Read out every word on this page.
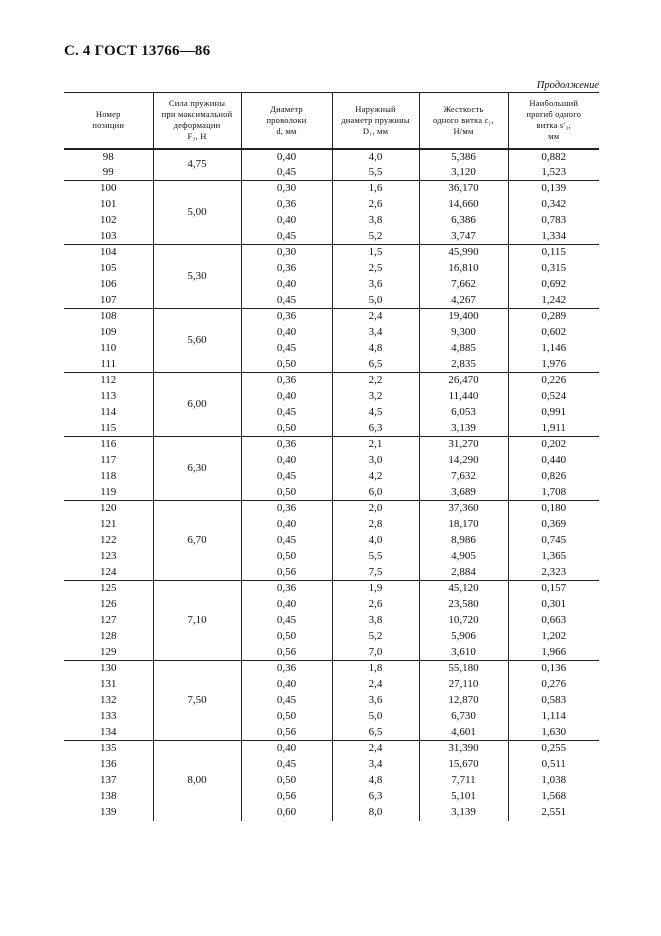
С. 4 ГОСТ 13766—86
Продолжение
Номер
позиции	Сила пружины
при максимальной
деформации
F₃, Н	Диаметр
проволоки
d, мм	Наружный
диаметр пружины
D₁, мм	Жесткость
одного витка c₁,
Н/мм	Наибольший
прогиб одного
витка s′₃,
мм

98	4,75	0,40	4,0	5,386	0,882
99		0,45	5,5	3,120	1,523
100	5,00	0,30	1,6	36,170	0,139
101		0,36	2,6	14,660	0,342
102		0,40	3,8	6,386	0,783
103		0,45	5,2	3,747	1,334
104	5,30	0,30	1,5	45,990	0,115
105		0,36	2,5	16,810	0,315
106		0,40	3,6	7,662	0,692
107		0,45	5,0	4,267	1,242
108	5,60	0,36	2,4	19,400	0,289
109		0,40	3,4	9,300	0,602
110		0,45	4,8	4,885	1,146
111		0,50	6,5	2,835	1,976
112	6,00	0,36	2,2	26,470	0,226
113		0,40	3,2	11,440	0,524
114		0,45	4,5	6,053	0,991
115		0,50	6,3	3,139	1,911
116	6,30	0,36	2,1	31,270	0,202
117		0,40	3,0	14,290	0,440
118		0,45	4,2	7,632	0,826
119		0,50	6,0	3,689	1,708
120	6,70	0,36	2,0	37,360	0,180
121		0,40	2,8	18,170	0,369
122		0,45	4,0	8,986	0,745
123		0,50	5,5	4,905	1,365
124		0,56	7,5	2,884	2,323
125	7,10	0,36	1,9	45,120	0,157
126		0,40	2,6	23,580	0,301
127		0,45	3,8	10,720	0,663
128		0,50	5,2	5,906	1,202
129		0,56	7,0	3,610	1,966
130	7,50	0,36	1,8	55,180	0,136
131		0,40	2,4	27,110	0,276
132		0,45	3,6	12,870	0,583
133		0,50	5,0	6,730	1,114
134		0,56	6,5	4,601	1,630
135	8,00	0,40	2,4	31,390	0,255
136		0,45	3,4	15,670	0,511
137		0,50	4,8	7,711	1,038
138		0,56	6,3	5,101	1,568
139		0,60	8,0	3,139	2,551
